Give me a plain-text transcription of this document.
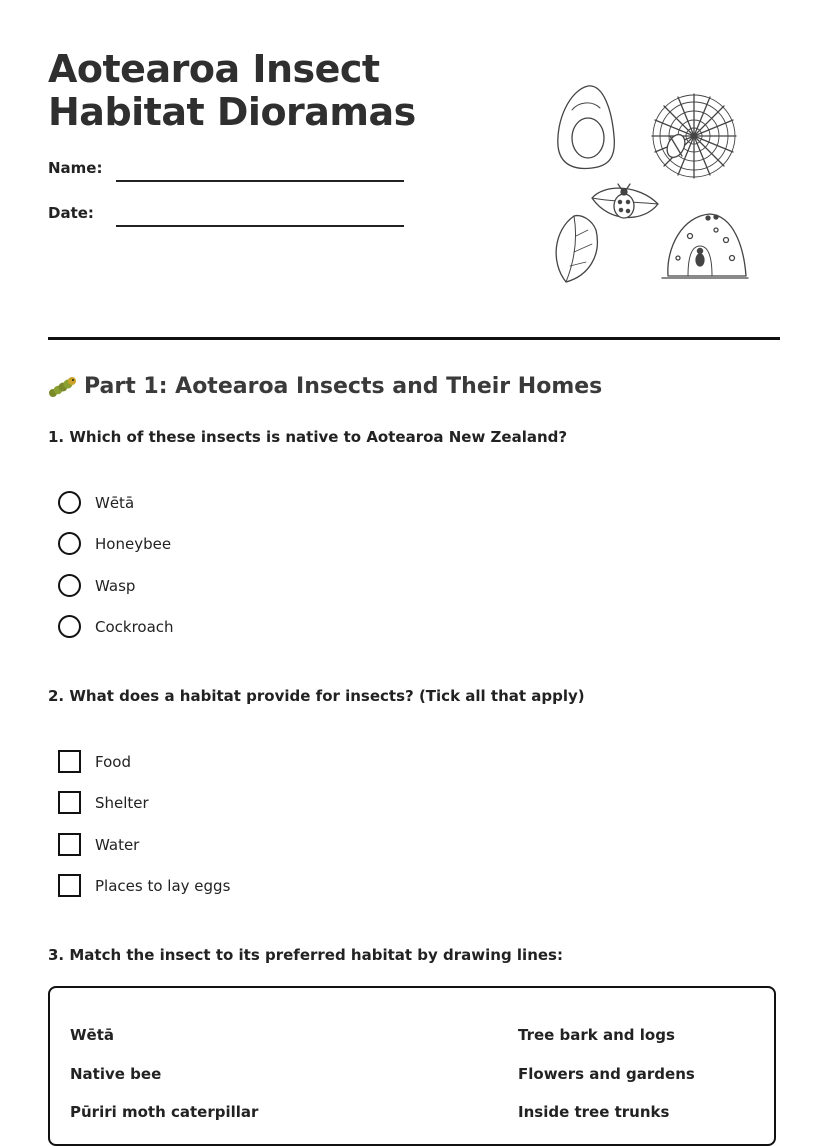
Aotearoa Insect Habitat Dioramas
Name:
Date:
Part 1: Aotearoa Insects and Their Homes

1. Which of these insects is native to Aotearoa New Zealand?

Wētā
Honeybee
Wasp
Cockroach

2. What does a habitat provide for insects? (Tick all that apply)

Food
Shelter
Water
Places to lay eggs

3. Match the insect to its preferred habitat by drawing lines:

Wētā
Native bee
Pūriri moth caterpillar
Tree bark and logs
Flowers and gardens
Inside tree trunks
